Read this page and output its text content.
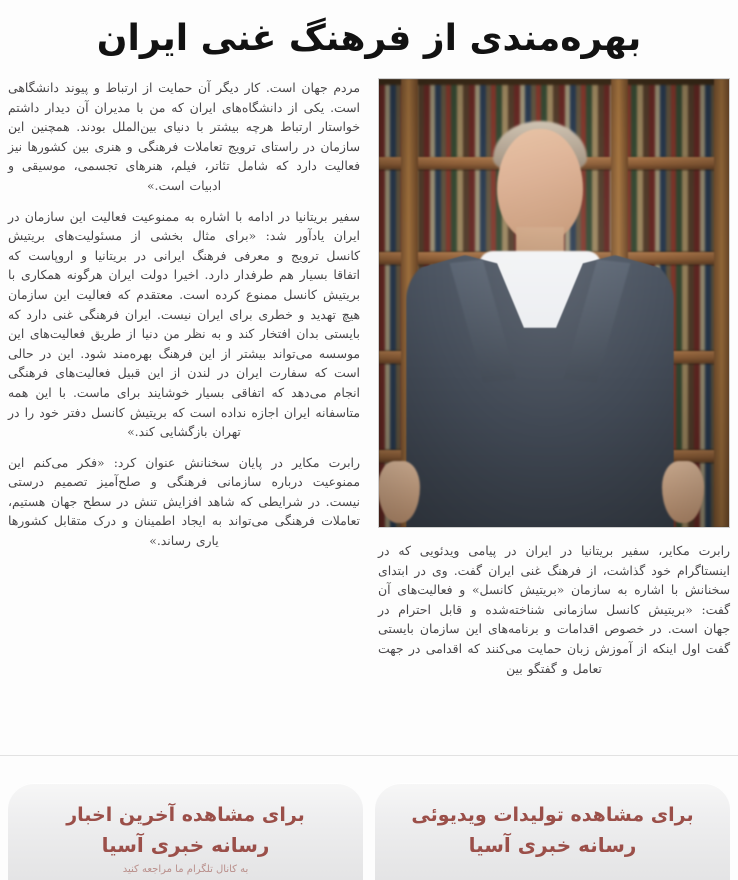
بهره‌مندی از فرهنگ غنی ایران

رابرت مکایر، سفیر بریتانیا در ایران در پیامی ویدئویی که در اینستاگرام خود گذاشت، از فرهنگ غنی ایران گفت. وی در ابتدای سخنانش با اشاره به سازمان «بریتیش کانسل» و فعالیت‌های آن گفت: «بریتیش کانسل سازمانی شناخته‌شده و قابل احترام در جهان است. در خصوص اقدامات و برنامه‌های این سازمان بایستی گفت اول اینکه از آموزش زبان حمایت می‌کنند که اقدامی در جهت تعامل و گفتگو بین

مردم جهان است. کار دیگر آن حمایت از ارتباط و پیوند دانشگاهی است. یکی از دانشگاه‌های ایران که من با مدیران آن دیدار داشتم خواستار ارتباط هرچه بیشتر با دنیای بین‌الملل بودند. همچنین این سازمان در راستای ترویج تعاملات فرهنگی و هنری بین کشورها نیز فعالیت دارد که شامل تئاتر، فیلم، هنرهای تجسمی، موسیقی و ادبیات است.»

سفیر بریتانیا در ادامه با اشاره به ممنوعیت فعالیت این سازمان در ایران یادآور شد: «برای مثال بخشی از مسئولیت‌های بریتیش کانسل ترویج و معرفی فرهنگ ایرانی در بریتانیا و اروپاست که اتفاقا بسیار هم طرفدار دارد. اخیرا دولت ایران هرگونه همکاری با بریتیش کانسل ممنوع کرده است. معتقدم که فعالیت این سازمان هیچ تهدید و خطری برای ایران نیست. ایران فرهنگی غنی دارد که بایستی بدان افتخار کند و به نظر من دنیا از طریق فعالیت‌های این موسسه می‌تواند بیشتر از این فرهنگ بهره‌مند شود. این در حالی است که سفارت ایران در لندن از این قبیل فعالیت‌های فرهنگی انجام می‌دهد که اتفاقی بسیار خوشایند برای ماست. با این همه متاسفانه ایران اجازه نداده است که بریتیش کانسل دفتر خود را در تهران بازگشایی کند.»

رابرت مکایر در پایان سخنانش عنوان کرد: «فکر می‌کنم این ممنوعیت درباره سازمانی فرهنگی و صلح‌آمیز تصمیم درستی نیست. در شرایطی که شاهد افزایش تنش در سطح جهان هستیم، تعاملات فرهنگی می‌تواند به ایجاد اطمینان و درک متقابل کشورها یاری رساند.»

برای مشاهده تولیدات ویدیوئی
رسانه خبری آسیا
برای مشاهده آخرین اخبار
رسانه خبری آسیا
به کانال تلگرام ما مراجعه کنید
